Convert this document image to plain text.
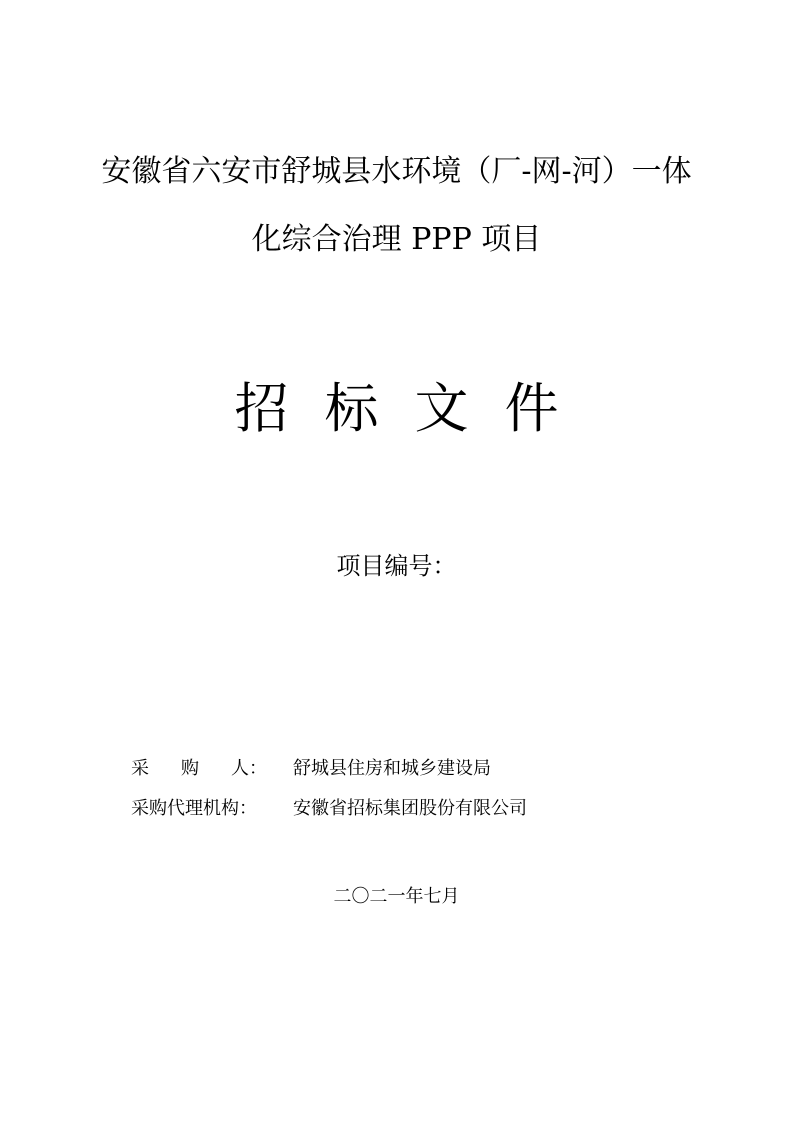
安徽省六安市舒城县水环境（厂-网-河）一体
化综合治理 PPP 项目
招 标 文 件
项目编号：
采 购 人： 舒城县住房和城乡建设局
采购代理机构：	安徽省招标集团股份有限公司
二〇二一年七月
